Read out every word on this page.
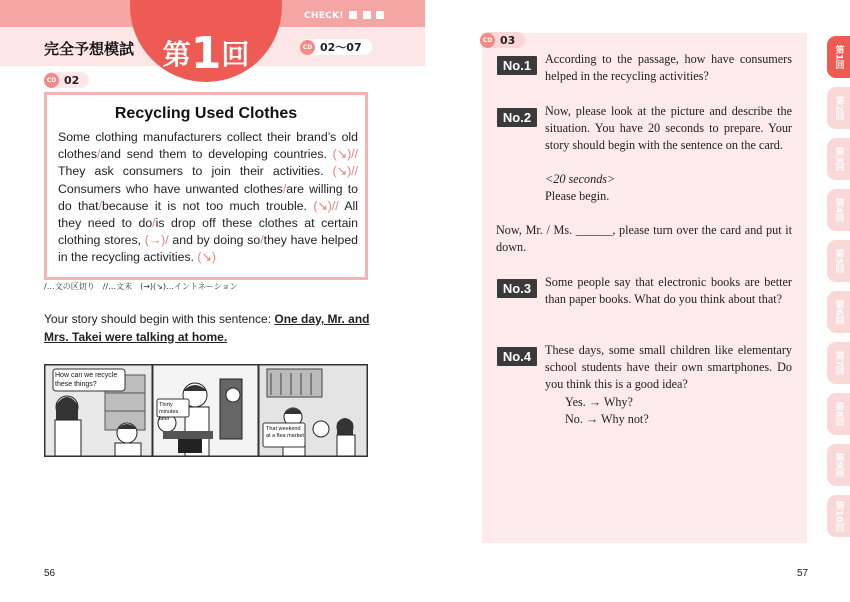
CHECK!
完全予想模試	第1回	CD 02〜07
CD 02
Recycling Used Clothes
Some clothing manufacturers collect their brand’s old clothes/and send them to developing countries. (↘)// They ask consumers to join their activities. (↘)// Consumers who have unwanted clothes/are willing to do that/because it is not too much trouble. (↘)// All they need to do/is drop off these clothes at certain clothing stores, (→)/ and by doing so/they have helped in the recycling activities. (↘)
/…文の区切り　//…文末　(→)(↘)…イントネーション
Your story should begin with this sentence: One day, Mr. and Mrs. Takei were talking at home.
How can we recycle these things?
Thirty minutes later
That weekend at a flea market
56
CD 03
No.1	According to the passage, how have consumers helped in the recycling activities?
No.2	Now, please look at the picture and describe the situation. You have 20 seconds to prepare. Your story should begin with the sentence on the card.
<20 seconds>
Please begin.
Now, Mr. / Ms. ______, please turn over the card and put it down.
No.3	Some people say that electronic books are better than paper books. What do you think about that?
No.4	These days, some small children like elementary school students have their own smartphones. Do you think this is a good idea?
Yes. → Why?
No. → Why not?
第1回
第2回
第3回
第4回
第5回
第6回
第7回
第8回
第9回
第10回
57
